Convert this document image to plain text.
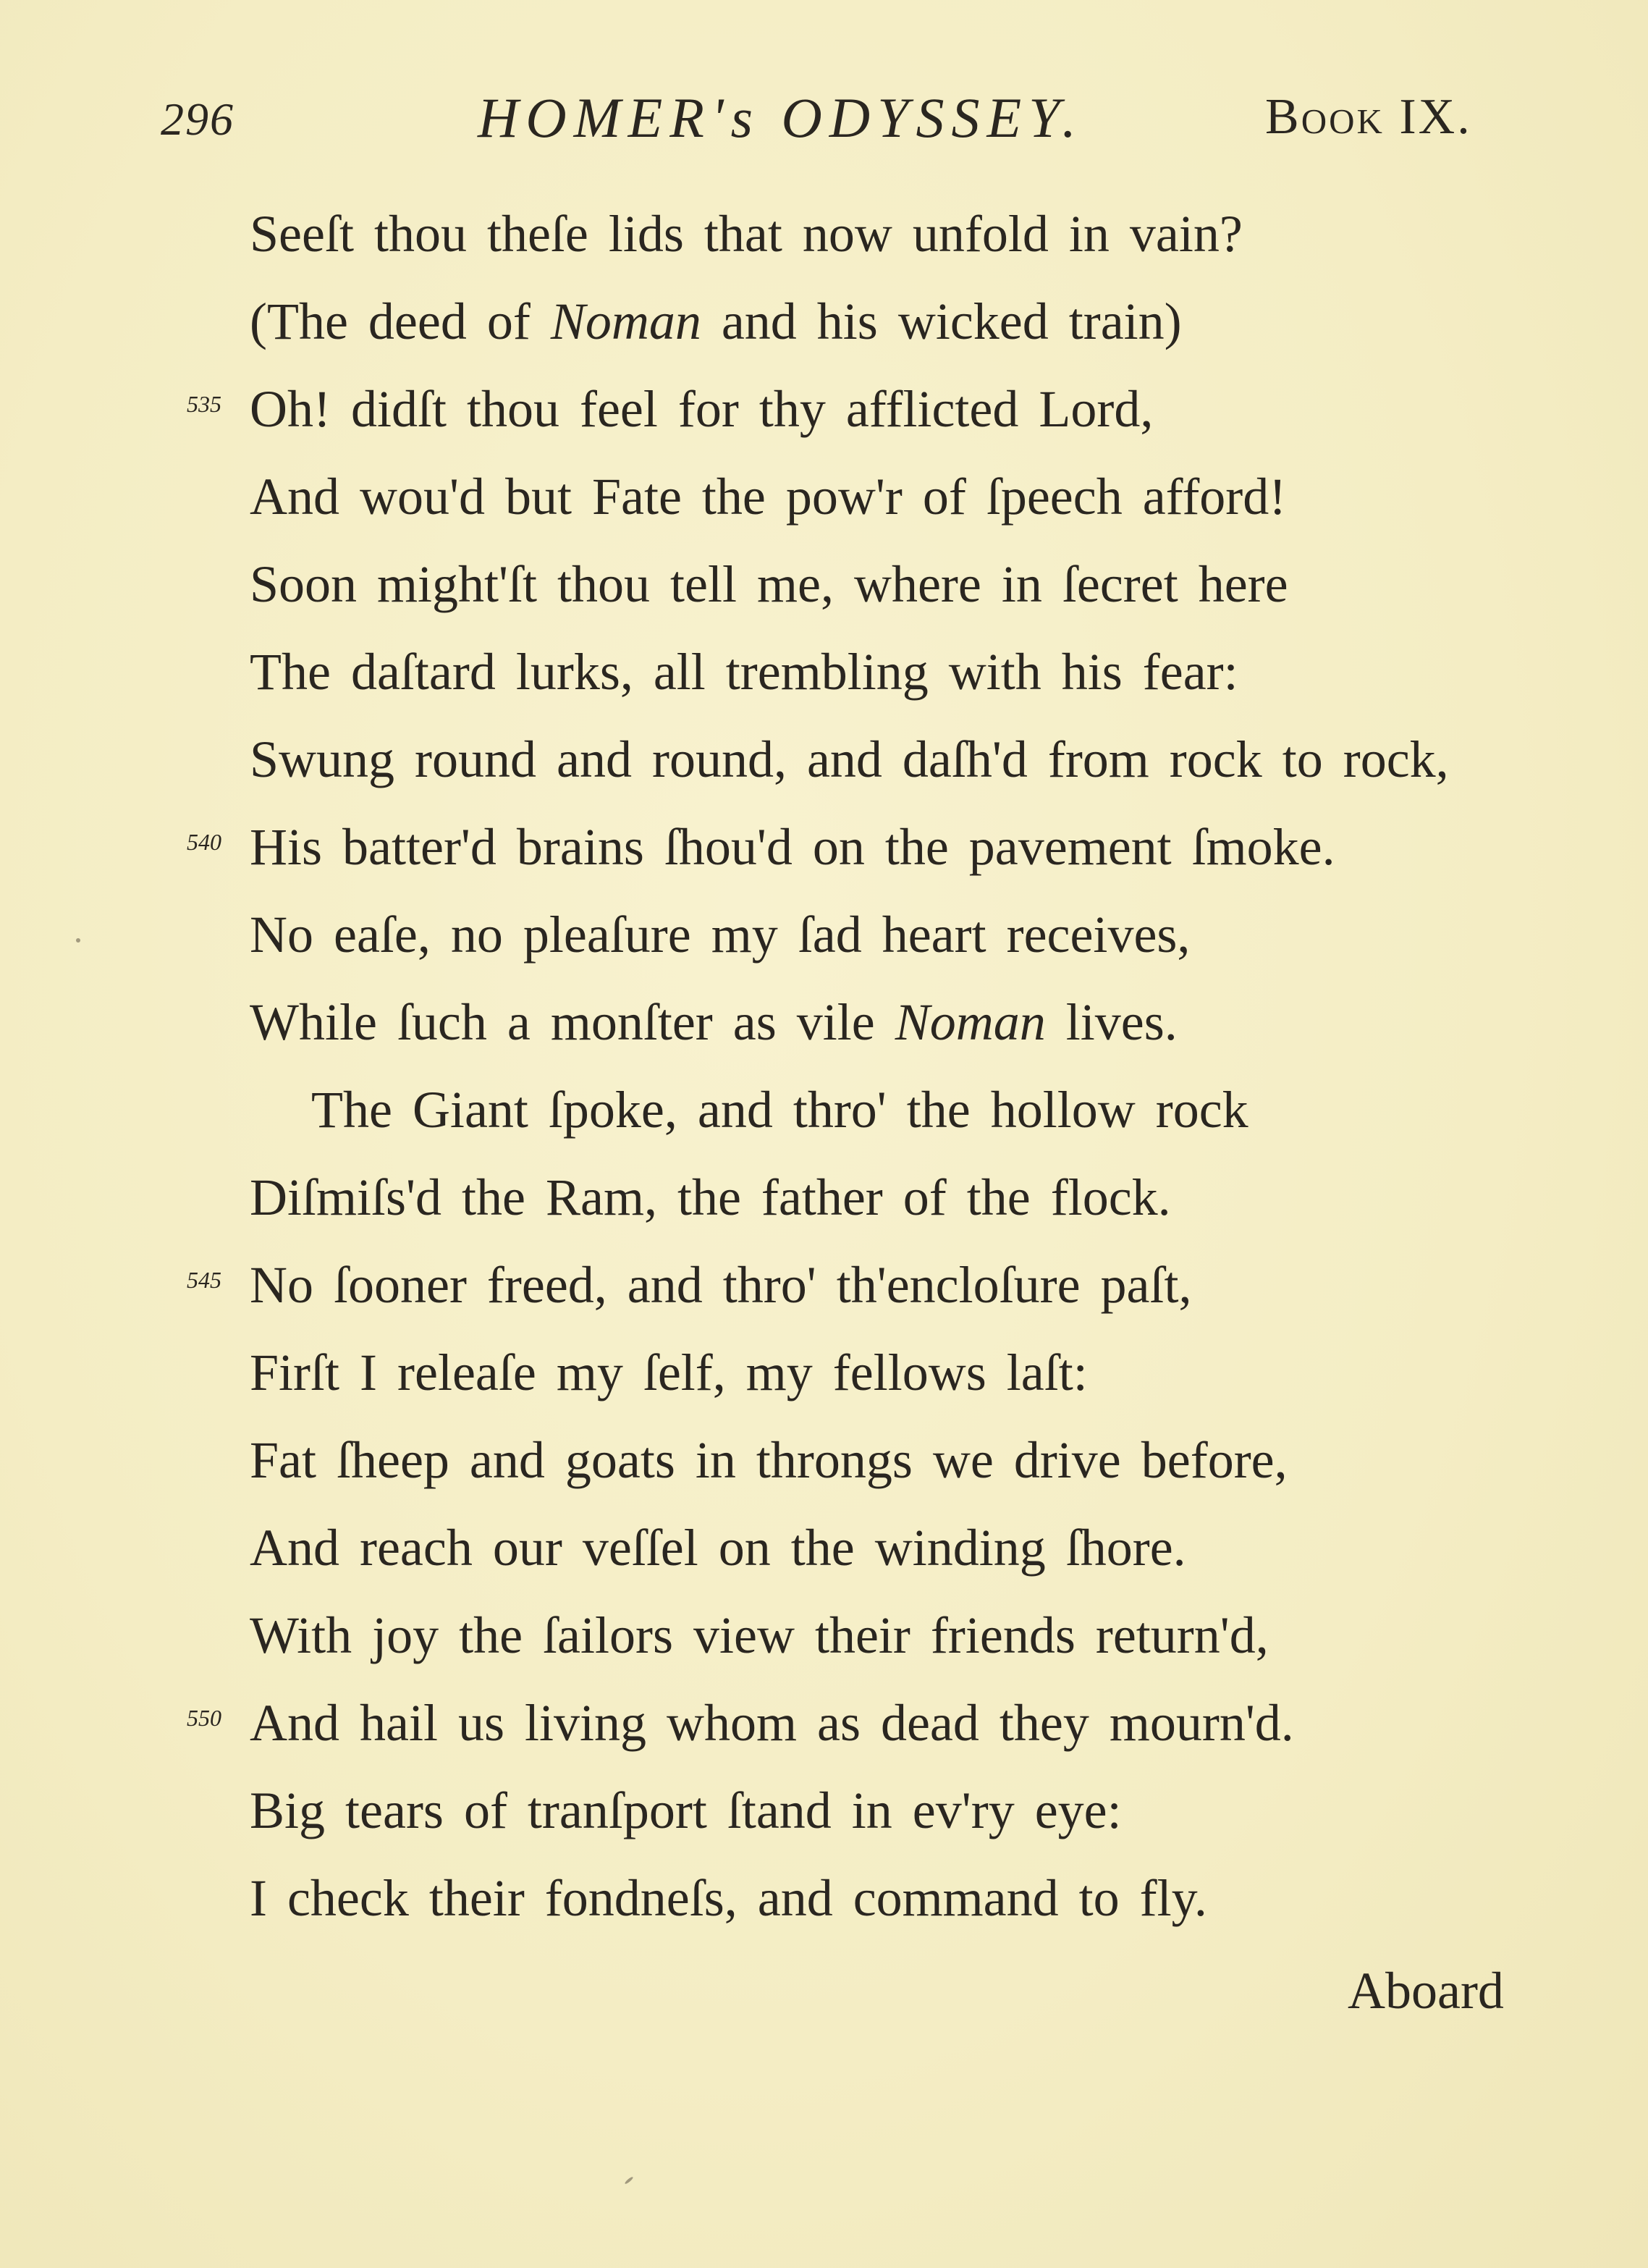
296	HOMER's ODYSSEY.	Book IX.
Seeſt thou theſe lids that now unfold in vain?
(The deed of Noman and his wicked train)
535 Oh! didſt thou feel for thy afflicted Lord,
And wou'd but Fate the pow'r of ſpeech afford!
Soon might'ſt thou tell me, where in ſecret here
The daſtard lurks, all trembling with his fear:
Swung round and round, and daſh'd from rock to rock,
540 His batter'd brains ſhou'd on the pavement ſmoke.
No eaſe, no pleaſure my ſad heart receives,
While ſuch a monſter as vile Noman lives.
The Giant ſpoke, and thro' the hollow rock
Diſmiſs'd the Ram, the father of the flock.
545 No ſooner freed, and thro' th'encloſure paſt,
Firſt I releaſe my ſelf, my fellows laſt:
Fat ſheep and goats in throngs we drive before,
And reach our veſſel on the winding ſhore.
With joy the ſailors view their friends return'd,
550 And hail us living whom as dead they mourn'd.
Big tears of tranſport ſtand in ev'ry eye:
I check their fondneſs, and command to fly.
Aboard
